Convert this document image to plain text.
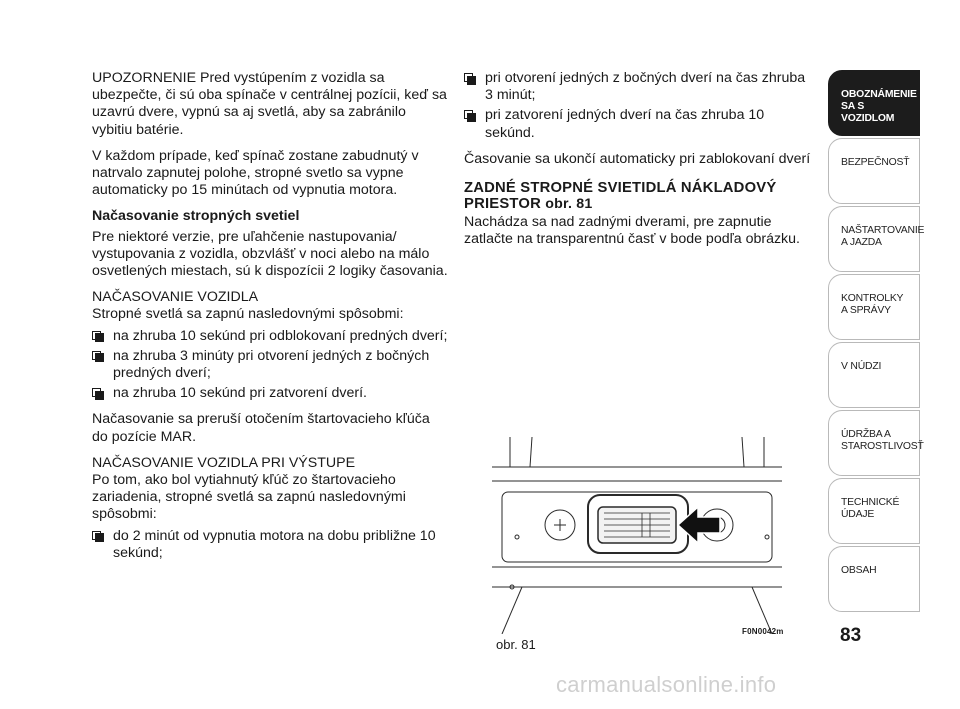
UPOZORNENIE Pred vystúpením z vozidla sa ubezpečte, či sú oba spínače v centrálnej pozícii, keď sa uzavrú dvere, vypnú sa aj svetlá, aby sa zabránilo vybitiu batérie.

V každom prípade, keď spínač zostane zabudnutý v natrvalo zapnutej polohe, stropné svetlo sa vypne automaticky po 15 minútach od vypnutia motora.

Načasovanie stropných svetiel

Pre niektoré verzie, pre uľahčenie nastupovania/ vystupovania z vozidla, obzvlášť v noci alebo na málo osvetlených miestach, sú k dispozícii 2 logiky časovania.

NAČASOVANIE VOZIDLA
Stropné svetlá sa zapnú nasledovnými spôsobmi:
na zhruba 10 sekúnd pri odblokovaní predných dverí;
na zhruba 3 minúty pri otvorení jedných z bočných predných dverí;
na zhruba 10 sekúnd pri zatvorení dverí.

Načasovanie sa preruší otočením štartovacieho kľúča do pozície MAR.

NAČASOVANIE VOZIDLA PRI VÝSTUPE
Po tom, ako bol vytiahnutý kľúč zo štartovacieho zariadenia, stropné svetlá sa zapnú nasledovnými spôsobmi:
do 2 minút od vypnutia motora na dobu približne 10 sekúnd;
pri otvorení jedných z bočných dverí na čas zhruba 3 minút;
pri zatvorení jedných dverí na čas zhruba 10 sekúnd.

Časovanie sa ukončí automaticky pri zablokovaní dverí

ZADNÉ STROPNÉ SVIETIDLÁ NÁKLADOVÝ PRIESTOR obr. 81

Nachádza sa nad zadnými dverami, pre zapnutie zatlačte na transparentnú časť v bode podľa obrázku.

obr. 81
F0N0042m
OBOZNÁMENIE
SA S VOZIDLOM
BEZPEČNOSŤ
NAŠTARTOVANIE
A JAZDA
KONTROLKY
A SPRÁVY
V NÚDZI
ÚDRŽBA A
STAROSTLIVOSŤ
TECHNICKÉ
ÚDAJE
OBSAH
83
carmanualsonline.info
